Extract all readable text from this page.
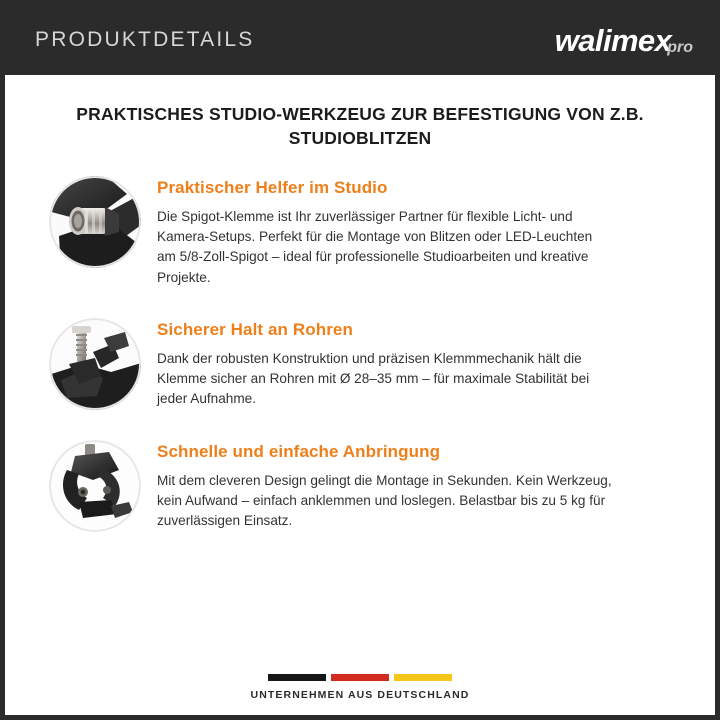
PRODUKTDETAILS	walimex
pro
PRAKTISCHES STUDIO-WERKZEUG ZUR BEFESTIGUNG VON Z.B. STUDIOBLITZEN
Praktischer Helfer im Studio
Die Spigot-Klemme ist Ihr zuverlässiger Partner für flexible Licht- und Kamera-Setups. Perfekt für die Montage von Blitzen oder LED-Leuchten am 5/8-Zoll-Spigot – ideal für professionelle Studioarbeiten und kreative Projekte.
Sicherer Halt an Rohren
Dank der robusten Konstruktion und präzisen Klemmmechanik hält die Klemme sicher an Rohren mit Ø 28–35 mm – für maximale Stabilität bei jeder Aufnahme.
Schnelle und einfache Anbringung
Mit dem cleveren Design gelingt die Montage in Sekunden. Kein Werkzeug, kein Aufwand – einfach anklemmen und loslegen. Belastbar bis zu 5 kg für zuverlässigen Einsatz.
UNTERNEHMEN AUS DEUTSCHLAND
